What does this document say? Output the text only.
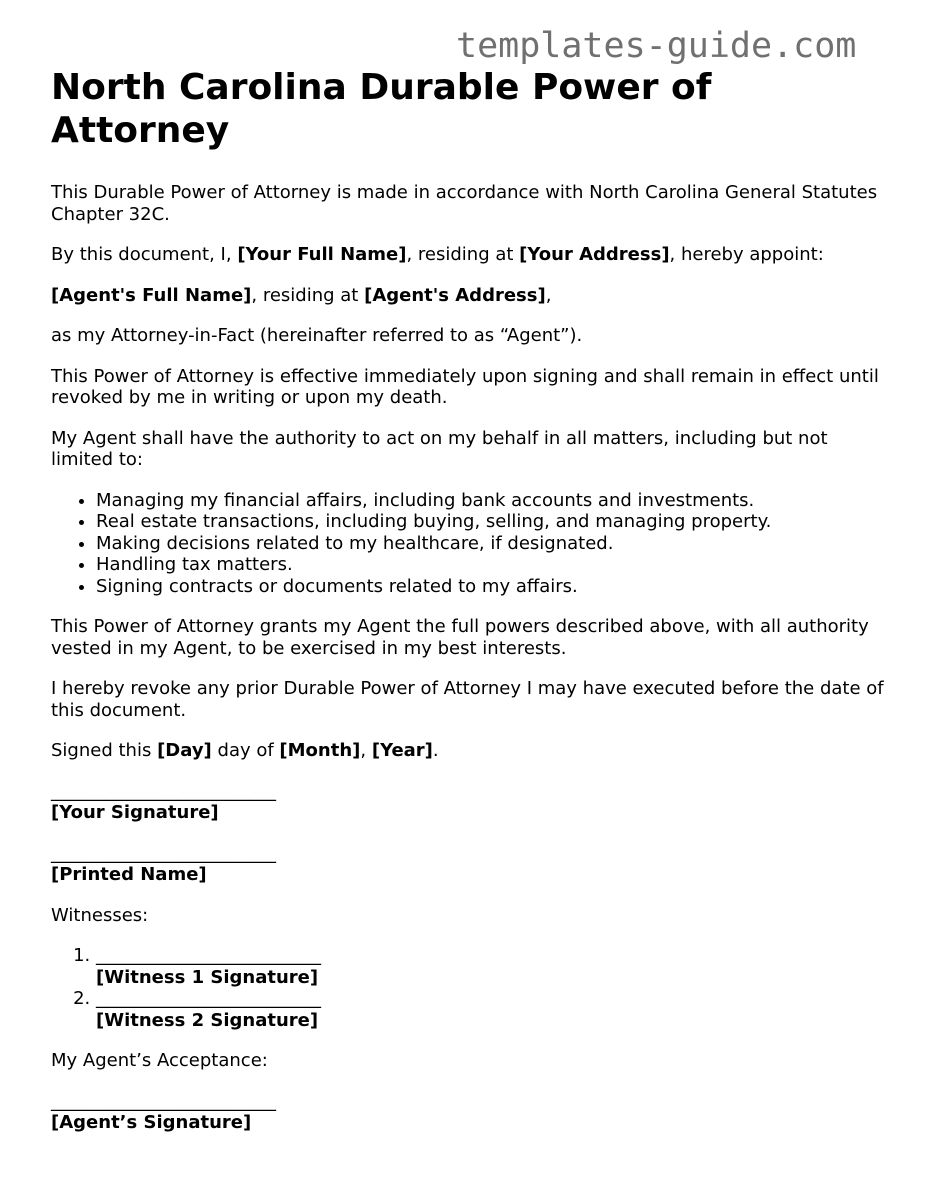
templates-guide.com
North Carolina Durable Power of Attorney

This Durable Power of Attorney is made in accordance with North Carolina General Statutes Chapter 32C.

By this document, I, [Your Full Name], residing at [Your Address], hereby appoint:

[Agent's Full Name], residing at [Agent's Address],

as my Attorney-in-Fact (hereinafter referred to as “Agent”).

This Power of Attorney is effective immediately upon signing and shall remain in effect until revoked by me in writing or upon my death.

My Agent shall have the authority to act on my behalf in all matters, including but not limited to:

• Managing my financial affairs, including bank accounts and investments.
• Real estate transactions, including buying, selling, and managing property.
• Making decisions related to my healthcare, if designated.
• Handling tax matters.
• Signing contracts or documents related to my affairs.

This Power of Attorney grants my Agent the full powers described above, with all authority vested in my Agent, to be exercised in my best interests.

I hereby revoke any prior Durable Power of Attorney I may have executed before the date of this document.

Signed this [Day] day of [Month], [Year].

_________________________
[Your Signature]
_________________________
[Printed Name]

Witnesses:

1. _________________________
[Witness 1 Signature]
2. _________________________
[Witness 2 Signature]

My Agent’s Acceptance:

_________________________
[Agent’s Signature]
